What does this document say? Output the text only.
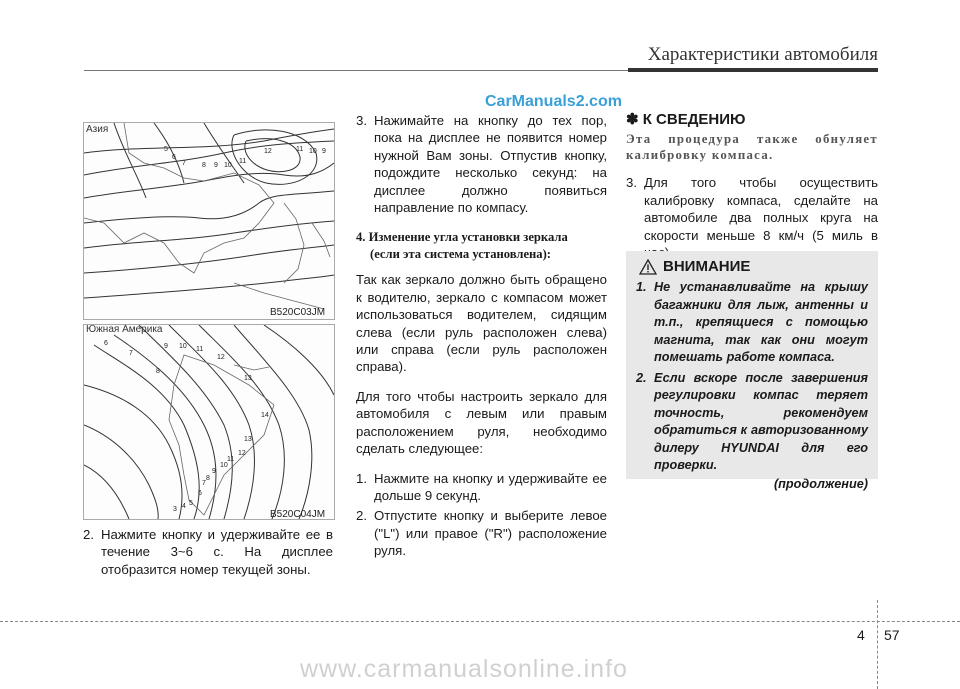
Характеристики автомобиля
CarManuals2.com
5
6
7 8 9 10
11
12	11 10 9
Азия
B520C03JM
6
7
8
9 10 11
12
13
14
13
12
11
10
9
8
7
6
5
4
3
Южная Америка
B520C04JM
2. Нажмите кнопку и удерживайте ее в течение 3~6 с. На дисплее отобразится номер текущей зоны.
3. Нажимайте на кнопку до тех пор, пока на дисплее не появится номер нужной Вам зоны. Отпустив кнопку, подождите несколько секунд: на дисплее должно появиться направление по компасу.
4. Изменение угла установки зеркала
(если эта система установлена):

Так как зеркало должно быть обращено к водителю, зеркало с компасом может использоваться водителем, сидящим слева (если руль расположен слева) или справа (если руль расположен справа).

Для того чтобы настроить зеркало для автомобиля с левым или правым расположением руля, необходимо сделать следующее:

1. Нажмите на кнопку и удерживайте ее дольше 9 секунд.
2. Отпустите кнопку и выберите левое ("L") или правое ("R") расположение руля.
✽ К СВЕДЕНИЮ

Эта процедура также обнуляет калибровку компаса.

3. Для того чтобы осуществить калибровку компаса, сделайте на автомобиле два полных круга на скорости меньше 8 км/ч (5 миль в
ВНИМАНИЕ
1. Не устанавливайте на крышу багажники для лыж, антенны и т.п., крепящиеся с помощью магнита, так как они могут помешать работе компаса.
2. Если вскоре после завершения регулировки компас теряет точность, рекомендуем обратиться к авторизованному дилеру HYUNDAI для его проверки.
(продолжение)
4 57
www.carmanualsonline.info
